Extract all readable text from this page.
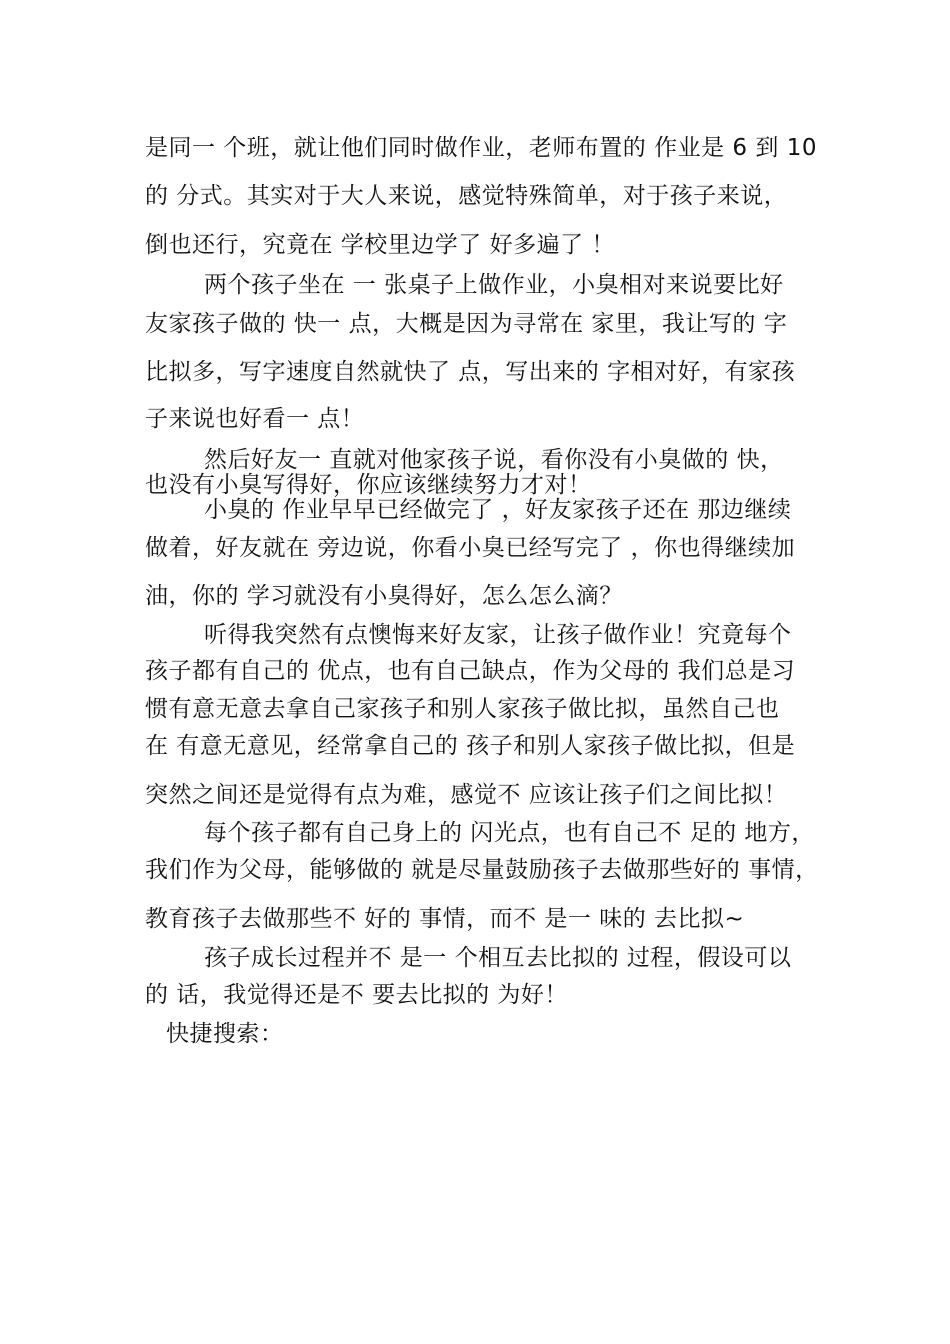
是同一 个班，就让他们同时做作业，老师布置的 作业是 6 到 10
的 分式。其实对于大人来说，感觉特殊简单，对于孩子来说，
倒也还行，究竟在 学校里边学了 好多遍了 ！
两个孩子坐在 一 张桌子上做作业，小臭相对来说要比好
友家孩子做的 快一 点，大概是因为寻常在 家里，我让写的 字
比拟多，写字速度自然就快了 点，写出来的 字相对好，有家孩
子来说也好看一 点！
然后好友一 直就对他家孩子说，看你没有小臭做的 快，
也没有小臭写得好，你应该继续努力才对！
小臭的 作业早早已经做完了 ，好友家孩子还在 那边继续
做着，好友就在 旁边说，你看小臭已经写完了 ，你也得继续加
油，你的 学习就没有小臭得好，怎么怎么滴？
听得我突然有点懊悔来好友家，让孩子做作业！究竟每个
孩子都有自己的 优点，也有自己缺点，作为父母的 我们总是习
惯有意无意去拿自己家孩子和别人家孩子做比拟，虽然自己也
在 有意无意见，经常拿自己的 孩子和别人家孩子做比拟，但是
突然之间还是觉得有点为难，感觉不 应该让孩子们之间比拟！
每个孩子都有自己身上的 闪光点，也有自己不 足的 地方，
我们作为父母，能够做的 就是尽量鼓励孩子去做那些好的 事情，
教育孩子去做那些不 好的 事情，而不 是一 味的 去比拟~
孩子成长过程并不 是一 个相互去比拟的 过程，假设可以
的 话，我觉得还是不 要去比拟的 为好！
快捷搜索：
